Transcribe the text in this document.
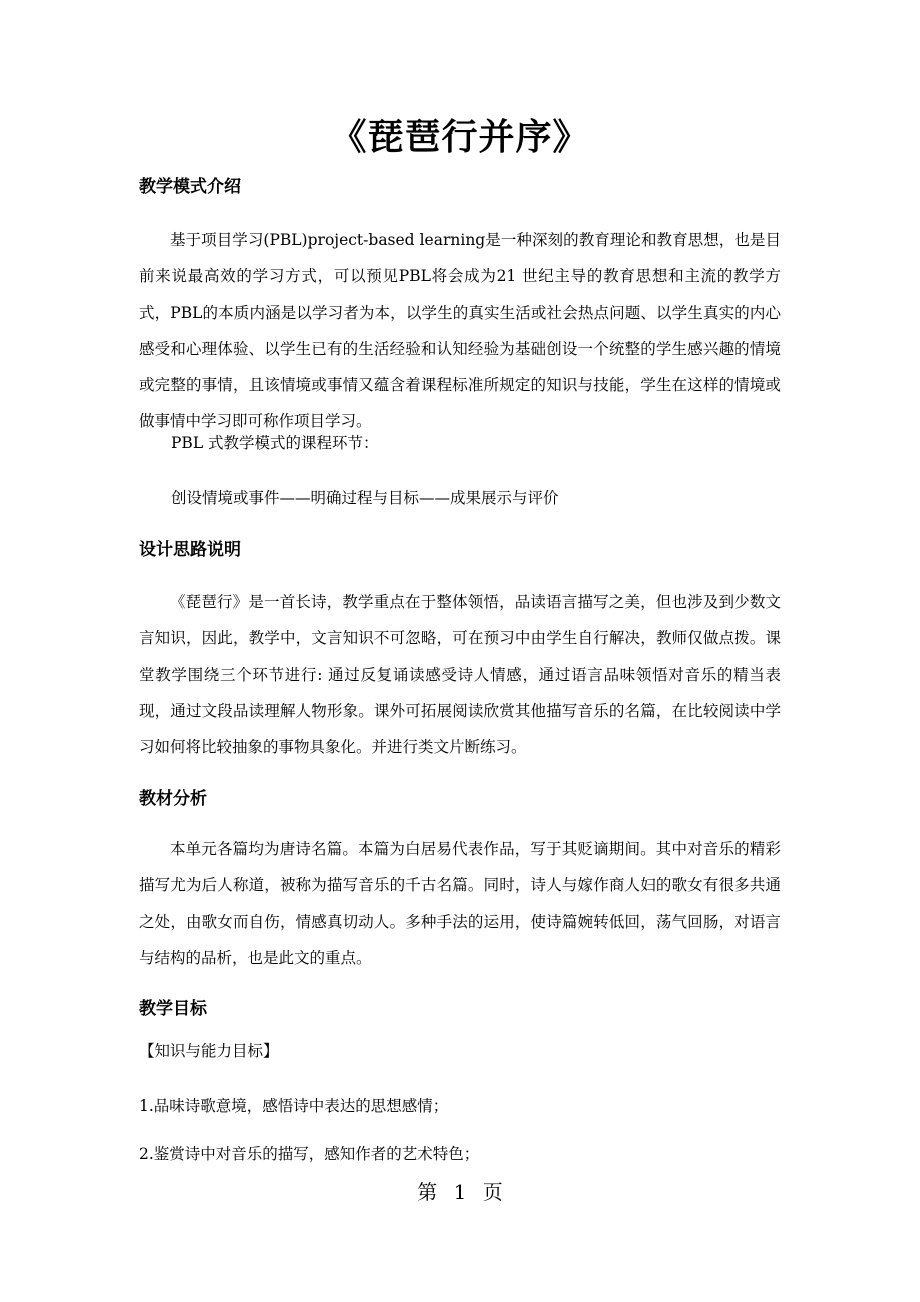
《琵琶行并序》
教学模式介绍

基于项目学习(PBL)project-based learning是一种深刻的教育理论和教育思想，也是目前来说最高效的学习方式，可以预见PBL将会成为21 世纪主导的教育思想和主流的教学方式，PBL的本质内涵是以学习者为本，以学生的真实生活或社会热点问题、以学生真实的内心感受和心理体验、以学生已有的生活经验和认知经验为基础创设一个统整的学生感兴趣的情境或完整的事情，且该情境或事情又蕴含着课程标准所规定的知识与技能，学生在这样的情境或做事情中学习即可称作项目学习。

PBL 式教学模式的课程环节：

创设情境或事件——明确过程与目标——成果展示与评价

设计思路说明

《琵琶行》是一首长诗，教学重点在于整体领悟，品读语言描写之美，但也涉及到少数文言知识，因此，教学中，文言知识不可忽略，可在预习中由学生自行解决，教师仅做点拨。课堂教学围绕三个环节进行: 通过反复诵读感受诗人情感，通过语言品味领悟对音乐的精当表现，通过文段品读理解人物形象。课外可拓展阅读欣赏其他描写音乐的名篇，在比较阅读中学习如何将比较抽象的事物具象化。并进行类文片断练习。

教材分析

本单元各篇均为唐诗名篇。本篇为白居易代表作品，写于其贬谪期间。其中对音乐的精彩描写尤为后人称道，被称为描写音乐的千古名篇。同时，诗人与嫁作商人妇的歌女有很多共通之处，由歌女而自伤，情感真切动人。多种手法的运用，使诗篇婉转低回，荡气回肠，对语言与结构的品析，也是此文的重点。

教学目标

【知识与能力目标】

1.品味诗歌意境，感悟诗中表达的思想感情；

2.鉴赏诗中对音乐的描写，感知作者的艺术特色；

第 1 页
